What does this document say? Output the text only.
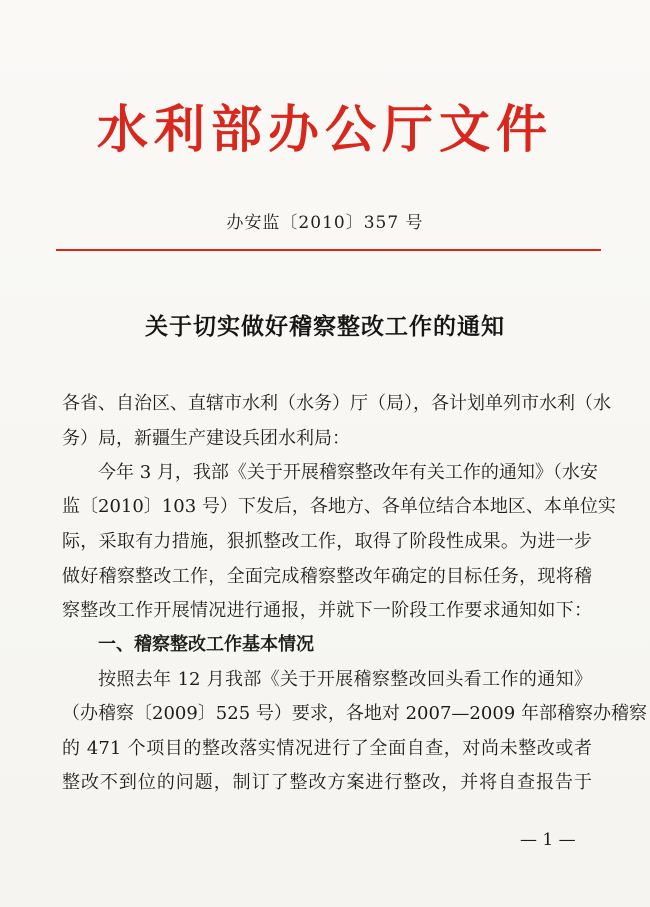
水利部办公厅文件
办安监〔2010〕357 号
关于切实做好稽察整改工作的通知
各省、自治区、直辖市水利（水务）厅（局），各计划单列市水利（水
务）局，新疆生产建设兵团水利局：
今年 3 月，我部《关于开展稽察整改年有关工作的通知》（水安
监〔2010〕103 号）下发后，各地方、各单位结合本地区、本单位实
际，采取有力措施，狠抓整改工作，取得了阶段性成果。为进一步
做好稽察整改工作，全面完成稽察整改年确定的目标任务，现将稽
察整改工作开展情况进行通报，并就下一阶段工作要求通知如下：
一、稽察整改工作基本情况
按照去年 12 月我部《关于开展稽察整改回头看工作的通知》
（办稽察〔2009〕525 号）要求，各地对 2007—2009 年部稽察办稽察
的 471 个项目的整改落实情况进行了全面自查，对尚未整改或者
整改不到位的问题，制订了整改方案进行整改，并将自查报告于
— 1 —
